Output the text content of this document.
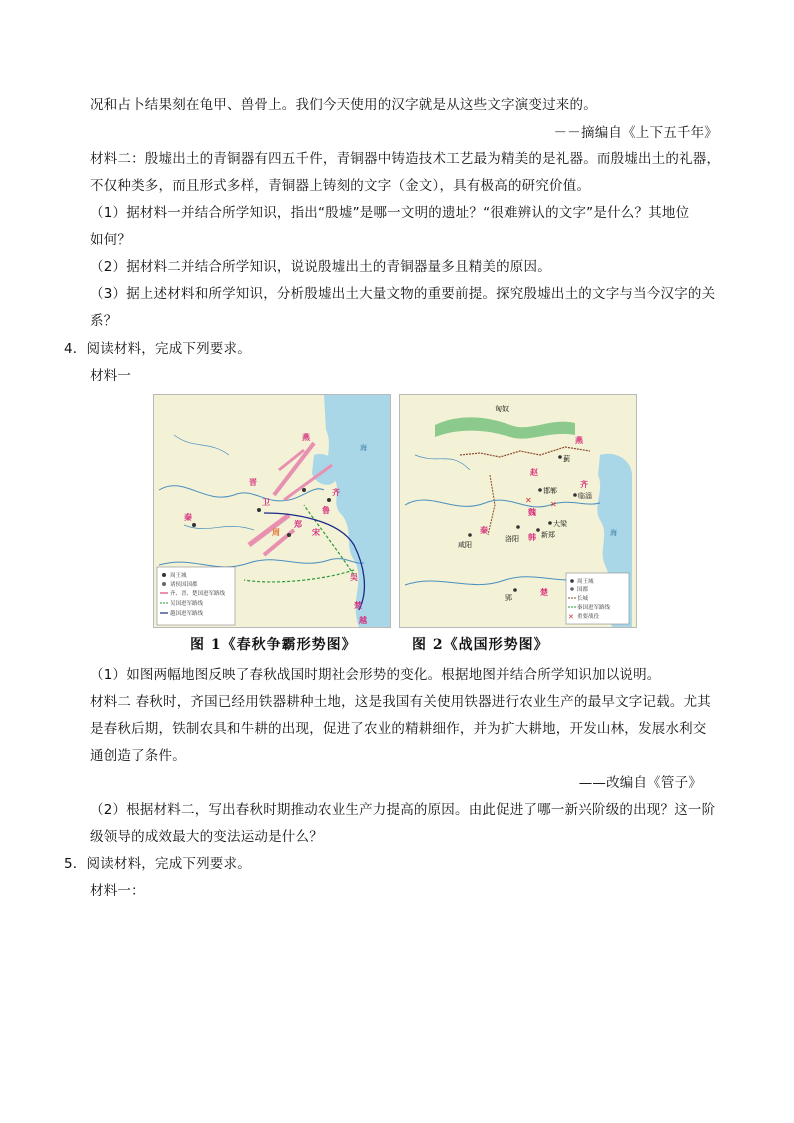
况和占卜结果刻在龟甲、兽骨上。我们今天使用的汉字就是从这些文字演变过来的。
－－摘编自《上下五千年》
材料二：殷墟出土的青铜器有四五千件，青铜器中铸造技术工艺最为精美的是礼器。而殷墟出土的礼器，
不仅种类多，而且形式多样，青铜器上铸刻的文字（金文），具有极高的研究价值。
（1）据材料一并结合所学知识，指出“殷墟”是哪一文明的遗址？“很难辨认的文字”是什么？其地位
如何？
（2）据材料二并结合所学知识，说说殷墟出土的青铜器量多且精美的原因。
（3）据上述材料和所学知识，分析殷墟出土大量文物的重要前提。探究殷墟出土的文字与当今汉字的关
系？
4．阅读材料，完成下列要求。
材料一
秦
晋
齐
楚
吴
越
燕
周
卫
郑
宋
鲁
海
周王城
诸侯国国都
齐、晋、楚国进军路线
吴国进军路线
越国进军路线
匈奴
燕
齐
赵
魏
韩
秦
楚
临淄
邯郸
大梁
新郑
洛阳
咸阳
蓟
郢
海
✕ ✕
周王城
国都
长城
秦国进军路线
✕ 重要战役
图 1《春秋争霸形势图》	图 2《战国形势图》
（1）如图两幅地图反映了春秋战国时期社会形势的变化。根据地图并结合所学知识加以说明。
材料二 春秋时，齐国已经用铁器耕种土地，这是我国有关使用铁器进行农业生产的最早文字记载。尤其
是春秋后期，铁制农具和牛耕的出现，促进了农业的精耕细作，并为扩大耕地，开发山林，发展水利交
通创造了条件。
——改编自《管子》
（2）根据材料二，写出春秋时期推动农业生产力提高的原因。由此促进了哪一新兴阶级的出现？这一阶
级领导的成效最大的变法运动是什么？
5．阅读材料，完成下列要求。
材料一：
